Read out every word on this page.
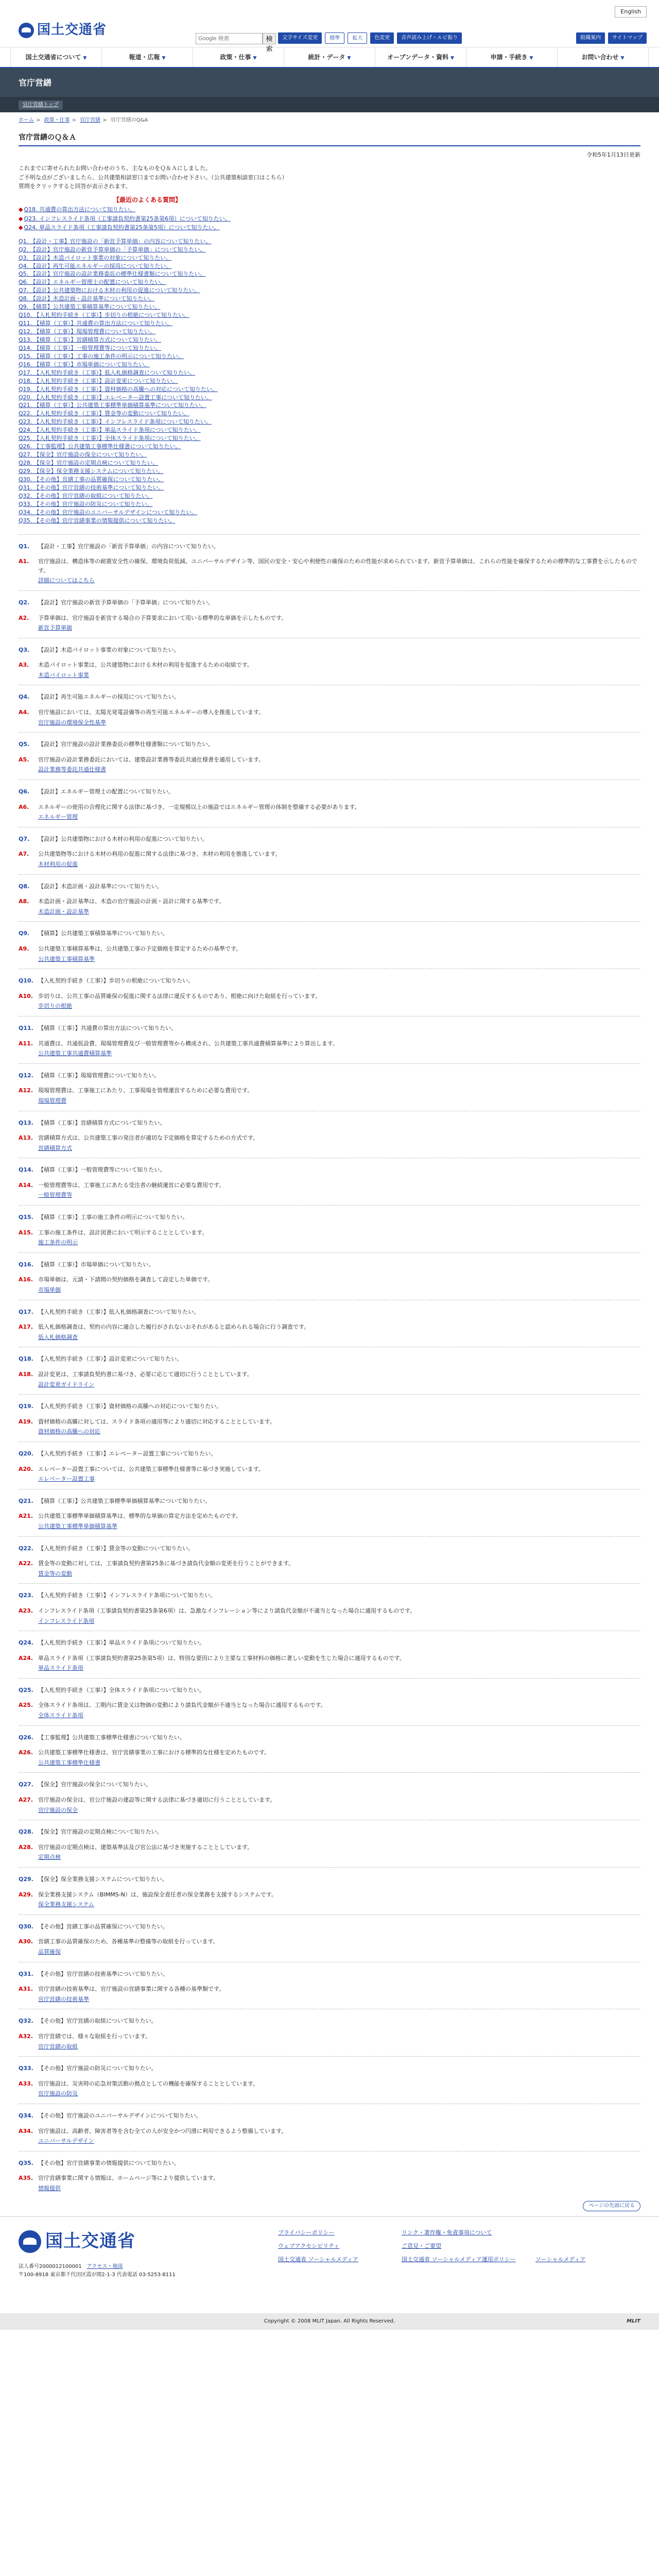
English
国土交通省
Google 検索
検索
文字サイズ変更	標準	拡大	色変更	音声読み上げ・ルビ振り	組織案内	サイトマップ
国土交通省について ▼	報道・広報 ▼	政策・仕事 ▼	統計・データ ▼	オープンデータ・資料 ▼	申請・手続き ▼	お問い合わせ ▼
官庁営繕
官庁営繕トップ
ホーム > 政策・仕事 > 官庁営繕 > 官庁営繕のQ&A
官庁営繕のＱ＆Ａ
令和5年1月13日更新

これまでに寄せられたお問い合わせのうち、主なものをＱ＆Ａにしました。

ご不明な点がございましたら、公共建築相談窓口までお問い合わせ下さい。（公共建築相談窓口はこちら）

質問をクリックすると回答が表示されます。

【最近のよくある質問】
◆ Q18. 共通費の算出方法について知りたい。
◆ Q23. インフレスライド条項（工事請負契約書第25条第6項）について知りたい。
◆ Q24. 単品スライド条項（工事請負契約書第25条第5項）について知りたい。
Q1. 【設計・工事】官庁施設の「新営予算単価」の内容について知りたい。
Q2. 【設計】官庁施設の新営予算単価の「予算単価」について知りたい。
Q3. 【設計】木造パイロット事業の対象について知りたい。
Q4. 【設計】再生可能エネルギーの採用について知りたい。
Q5. 【設計】官庁施設の設計業務委託の標準仕様書類について知りたい。
Q6. 【設計】エネルギー管理士の配置について知りたい。
Q7. 【設計】公共建築物における木材の利用の促進について知りたい。
Q8. 【設計】木造計画・設計基準について知りたい。
Q9. 【積算】公共建築工事積算基準について知りたい。
Q10. 【入札契約手続き（工事）】歩切りの根絶について知りたい。
Q11. 【積算（工事）】共通費の算出方法について知りたい。
Q12. 【積算（工事）】現場管理費について知りたい。
Q13. 【積算（工事）】営繕積算方式について知りたい。
Q14. 【積算（工事）】一般管理費等について知りたい。
Q15. 【積算（工事）】工事の施工条件の明示について知りたい。
Q16. 【積算（工事）】市場単価について知りたい。
Q17. 【入札契約手続き（工事）】低入札価格調査について知りたい。
Q18. 【入札契約手続き（工事）】設計変更について知りたい。
Q19. 【入札契約手続き（工事）】資材価格の高騰への対応について知りたい。
Q20. 【入札契約手続き（工事）】エレベーター設置工事について知りたい。
Q21. 【積算（工事）】公共建築工事標準単価積算基準について知りたい。
Q22. 【入札契約手続き（工事）】賃金等の変動について知りたい。
Q23. 【入札契約手続き（工事）】インフレスライド条項について知りたい。
Q24. 【入札契約手続き（工事）】単品スライド条項について知りたい。
Q25. 【入札契約手続き（工事）】全体スライド条項について知りたい。
Q26. 【工事監理】公共建築工事標準仕様書について知りたい。
Q27. 【保全】官庁施設の保全について知りたい。
Q28. 【保全】官庁施設の定期点検について知りたい。
Q29. 【保全】保全業務支援システムについて知りたい。
Q30. 【その他】営繕工事の品質確保について知りたい。
Q31. 【その他】官庁営繕の技術基準について知りたい。
Q32. 【その他】官庁営繕の取組について知りたい。
Q33. 【その他】官庁施設の防災について知りたい。
Q34. 【その他】官庁施設のユニバーサルデザインについて知りたい。
Q35. 【その他】官庁営繕事業の情報提供について知りたい。
Q1.	【設計・工事】官庁施設の「新営予算単価」の内容について知りたい。
A1.	官庁施設は、構造体等の耐震安全性の確保、環境負荷低減、ユニバーサルデザイン等、国民の安全・安心や利便性の確保のための性能が求められています。新営予算単価は、これらの性能を確保するための標準的な工事費を示したものです。
詳細についてはこちら
Q2.	【設計】官庁施設の新営予算単価の「予算単価」について知りたい。
A2.	予算単価は、官庁施設を新営する場合の予算要求において用いる標準的な単価を示したものです。
新営予算単価
Q3.	【設計】木造パイロット事業の対象について知りたい。
A3.	木造パイロット事業は、公共建築物における木材の利用を促進するための取組です。
木造パイロット事業
Q4.	【設計】再生可能エネルギーの採用について知りたい。
A4.	官庁施設においては、太陽光発電設備等の再生可能エネルギーの導入を推進しています。
官庁施設の環境保全性基準
Q5.	【設計】官庁施設の設計業務委託の標準仕様書類について知りたい。
A5.	官庁施設の設計業務委託においては、建築設計業務等委託共通仕様書を適用しています。
設計業務等委託共通仕様書
Q6.	【設計】エネルギー管理士の配置について知りたい。
A6.	エネルギーの使用の合理化に関する法律に基づき、一定規模以上の施設ではエネルギー管理の体制を整備する必要があります。
エネルギー管理
Q7.	【設計】公共建築物における木材の利用の促進について知りたい。
A7.	公共建築物等における木材の利用の促進に関する法律に基づき、木材の利用を推進しています。
木材利用の促進
Q8.	【設計】木造計画・設計基準について知りたい。
A8.	木造計画・設計基準は、木造の官庁施設の計画・設計に関する基準です。
木造計画・設計基準
Q9.	【積算】公共建築工事積算基準について知りたい。
A9.	公共建築工事積算基準は、公共建築工事の予定価格を算定するための基準です。
公共建築工事積算基準
Q10. 【入札契約手続き（工事）】歩切りの根絶について知りたい。
A10. 歩切りは、公共工事の品質確保の促進に関する法律に違反するものであり、根絶に向けた取組を行っています。
歩切りの根絶
Q11. 【積算（工事）】共通費の算出方法について知りたい。
A11. 共通費は、共通仮設費、現場管理費及び一般管理費等から構成され、公共建築工事共通費積算基準により算出します。
公共建築工事共通費積算基準
Q12. 【積算（工事）】現場管理費について知りたい。
A12. 現場管理費は、工事施工にあたり、工事現場を管理運営するために必要な費用です。
現場管理費
Q13. 【積算（工事）】営繕積算方式について知りたい。
A13. 営繕積算方式は、公共建築工事の発注者が適切な予定価格を算定するための方式です。
営繕積算方式
Q14. 【積算（工事）】一般管理費等について知りたい。
A14. 一般管理費等は、工事施工にあたる受注者の継続運営に必要な費用です。
一般管理費等
Q15. 【積算（工事）】工事の施工条件の明示について知りたい。
A15. 工事の施工条件は、設計図書において明示することとしています。
施工条件の明示
Q16. 【積算（工事）】市場単価について知りたい。
A16. 市場単価は、元請・下請間の契約価格を調査して設定した単価です。
市場単価
Q17. 【入札契約手続き（工事）】低入札価格調査について知りたい。
A17. 低入札価格調査は、契約の内容に適合した履行がされないおそれがあると認められる場合に行う調査です。
低入札価格調査
Q18. 【入札契約手続き（工事）】設計変更について知りたい。
A18. 設計変更は、工事請負契約書に基づき、必要に応じて適切に行うこととしています。
設計変更ガイドライン
Q19. 【入札契約手続き（工事）】資材価格の高騰への対応について知りたい。
A19. 資材価格の高騰に対しては、スライド条項の適用等により適切に対応することとしています。
資材価格の高騰への対応
Q20. 【入札契約手続き（工事）】エレベーター設置工事について知りたい。
A20. エレベーター設置工事については、公共建築工事標準仕様書等に基づき実施しています。
エレベーター設置工事
Q21. 【積算（工事）】公共建築工事標準単価積算基準について知りたい。
A21. 公共建築工事標準単価積算基準は、標準的な単価の算定方法を定めたものです。
公共建築工事標準単価積算基準
Q22. 【入札契約手続き（工事）】賃金等の変動について知りたい。
A22. 賃金等の変動に対しては、工事請負契約書第25条に基づき請負代金額の変更を行うことができます。
賃金等の変動
Q23. 【入札契約手続き（工事）】インフレスライド条項について知りたい。
A23. インフレスライド条項（工事請負契約書第25条第6項）は、急激なインフレーション等により請負代金額が不適当となった場合に適用するものです。
インフレスライド条項
Q24. 【入札契約手続き（工事）】単品スライド条項について知りたい。
A24. 単品スライド条項（工事請負契約書第25条第5項）は、特別な要因により主要な工事材料の価格に著しい変動を生じた場合に適用するものです。
単品スライド条項
Q25. 【入札契約手続き（工事）】全体スライド条項について知りたい。
A25. 全体スライド条項は、工期内に賃金又は物価の変動により請負代金額が不適当となった場合に適用するものです。
全体スライド条項
Q26. 【工事監理】公共建築工事標準仕様書について知りたい。
A26. 公共建築工事標準仕様書は、官庁営繕事業の工事における標準的な仕様を定めたものです。
公共建築工事標準仕様書
Q27. 【保全】官庁施設の保全について知りたい。
A27. 官庁施設の保全は、官公庁施設の建設等に関する法律に基づき適切に行うこととしています。
官庁施設の保全
Q28. 【保全】官庁施設の定期点検について知りたい。
A28. 官庁施設の定期点検は、建築基準法及び官公法に基づき実施することとしています。
定期点検
Q29. 【保全】保全業務支援システムについて知りたい。
A29. 保全業務支援システム（BIMMS-N）は、施設保全責任者の保全業務を支援するシステムです。
保全業務支援システム
Q30. 【その他】営繕工事の品質確保について知りたい。
A30. 営繕工事の品質確保のため、各種基準の整備等の取組を行っています。
品質確保
Q31. 【その他】官庁営繕の技術基準について知りたい。
A31. 官庁営繕の技術基準は、官庁施設の営繕事業に関する各種の基準類です。
官庁営繕の技術基準
Q32. 【その他】官庁営繕の取組について知りたい。
A32. 官庁営繕では、様々な取組を行っています。
官庁営繕の取組
Q33. 【その他】官庁施設の防災について知りたい。
A33. 官庁施設は、災害時の応急対策活動の拠点としての機能を確保することとしています。
官庁施設の防災
Q34. 【その他】官庁施設のユニバーサルデザインについて知りたい。
A34. 官庁施設は、高齢者、障害者等を含む全ての人が安全かつ円滑に利用できるよう整備しています。
ユニバーサルデザイン
Q35. 【その他】官庁営繕事業の情報提供について知りたい。
A35. 官庁営繕事業に関する情報は、ホームページ等により提供しています。
情報提供
ページの先頭に戻る
国土交通省
法人番号2000012100001　 アクセス・地図
〒100-8918 東京都千代田区霞が関2-1-3 代表電話 03-5253-8111
プライバシーポリシー	リンク・著作権・免責事項について
ウェブアクセシビリティ	ご意見・ご要望
国土交通省 ソーシャルメディア	国土交通省 ソーシャルメディア運用ポリシー	ソーシャルメディア
Copyright © 2008 MLIT Japan. All Rights Reserved.	MLIT
